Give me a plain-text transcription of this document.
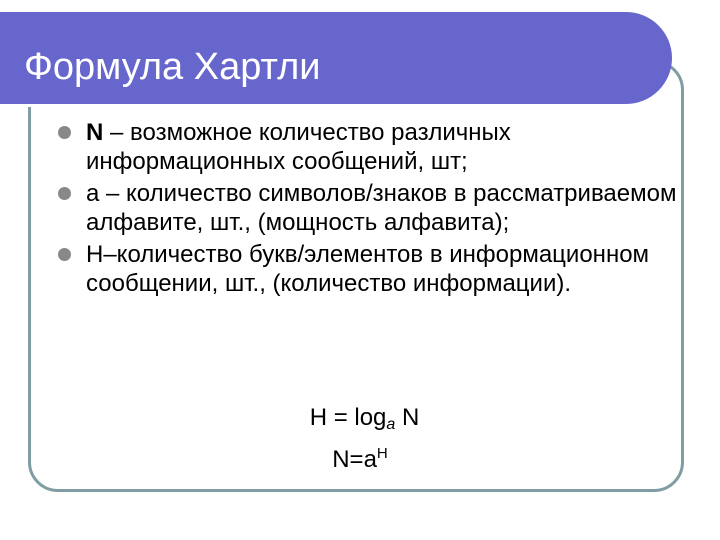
Формула Хартли
N – возможное количество различных информационных сообщений, шт;
a – количество символов/знаков в рассматриваемом алфавите, шт., (мощность алфавита);
H–количество букв/элементов в информационном сообщении, шт., (количество информации).
$H = \log_a N$
$N=a^H$
